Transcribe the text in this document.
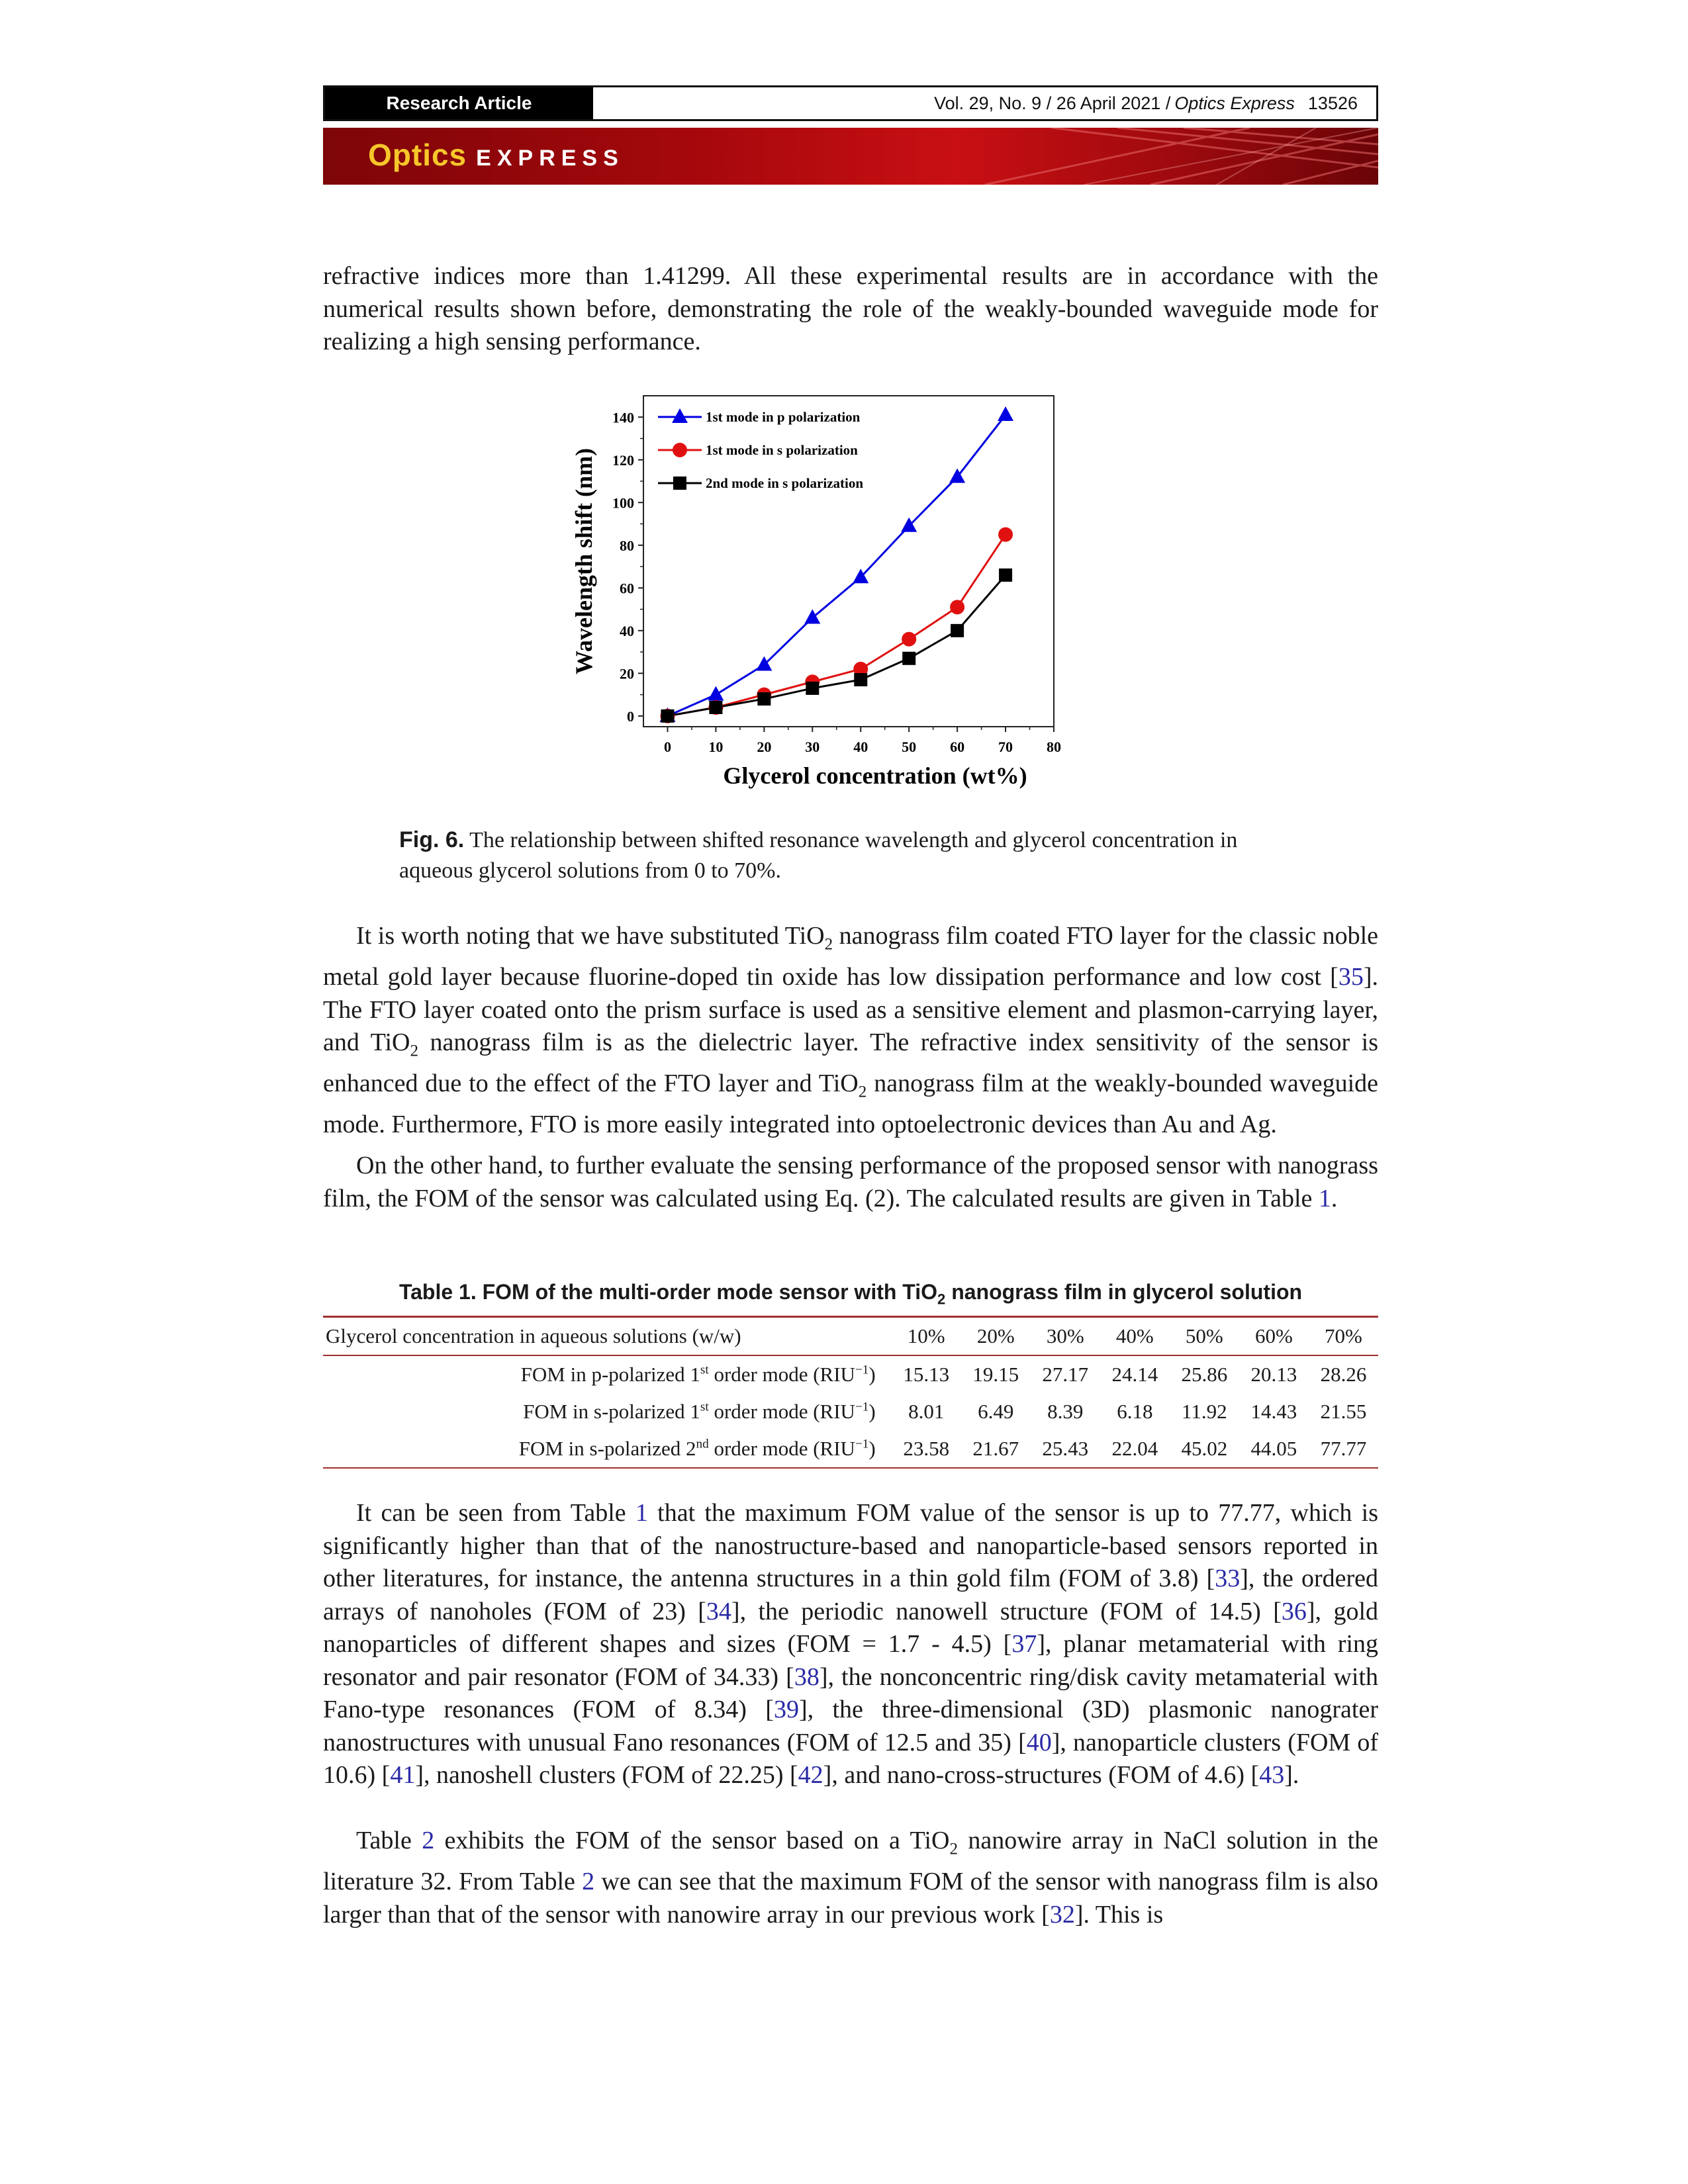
Research Article	Vol. 29, No. 9 / 26 April 2021 / Optics Express 13526
Optics EXPRESS

refractive indices more than 1.41299. All these experimental results are in accordance with the numerical results shown before, demonstrating the role of the weakly-bounded waveguide mode for realizing a high sensing performance.

0	10 20 30 40 50 60 70 80
0
20
40
60
80
100
120
140
Glycerol concentration (wt%)
Wavelength shift (nm)
1st mode in p polarization
1st mode in s polarization
2nd mode in s polarization
Fig. 6. The relationship between shifted resonance wavelength and glycerol concentration in aqueous glycerol solutions from 0 to 70%.

It is worth noting that we have substituted TiO$_2$ nanograss film coated FTO layer for the classic noble metal gold layer because fluorine-doped tin oxide has low dissipation performance and low cost [35]. The FTO layer coated onto the prism surface is used as a sensitive element and plasmon-carrying layer, and TiO$_2$ nanograss film is as the dielectric layer. The refractive index sensitivity of the sensor is enhanced due to the effect of the FTO layer and TiO$_2$ nanograss film at the weakly-bounded waveguide mode. Furthermore, FTO is more easily integrated into optoelectronic devices than Au and Ag.

On the other hand, to further evaluate the sensing performance of the proposed sensor with nanograss film, the FOM of the sensor was calculated using Eq. (2). The calculated results are given in Table 1.

Table 1. FOM of the multi-order mode sensor with TiO$_2$ nanograss film in glycerol solution
Glycerol concentration in aqueous solutions (w/w)	10%	20%	30%	40%	50%	60%	70%
FOM in p-polarized 1st order mode $(RIU^{-1})$	15.13	19.15	27.17	24.14	25.86	20.13	28.26
FOM in s-polarized 1st order mode $(RIU^{-1})$	8.01	6.49	8.39	6.18	11.92	14.43	21.55
FOM in s-polarized 2nd order mode $(RIU^{-1})$	23.58	21.67	25.43	22.04	45.02	44.05	77.77

It can be seen from Table 1 that the maximum FOM value of the sensor is up to 77.77, which is significantly higher than that of the nanostructure-based and nanoparticle-based sensors reported in other literatures, for instance, the antenna structures in a thin gold film (FOM of 3.8) [33], the ordered arrays of nanoholes (FOM of 23) [34], the periodic nanowell structure (FOM of 14.5) [36], gold nanoparticles of different shapes and sizes (FOM = 1.7 - 4.5) [37], planar metamaterial with ring resonator and pair resonator (FOM of 34.33) [38], the nonconcentric ring/disk cavity metamaterial with Fano-type resonances (FOM of 8.34) [39], the three-dimensional (3D) plasmonic nanograter nanostructures with unusual Fano resonances (FOM of 12.5 and 35) [40], nanoparticle clusters (FOM of 10.6) [41], nanoshell clusters (FOM of 22.25) [42], and nano-cross-structures (FOM of 4.6) [43].

Table 2 exhibits the FOM of the sensor based on a TiO$_2$ nanowire array in NaCl solution in the literature 32. From Table 2 we can see that the maximum FOM of the sensor with nanograss film is also larger than that of the sensor with nanowire array in our previous work [32]. This is
